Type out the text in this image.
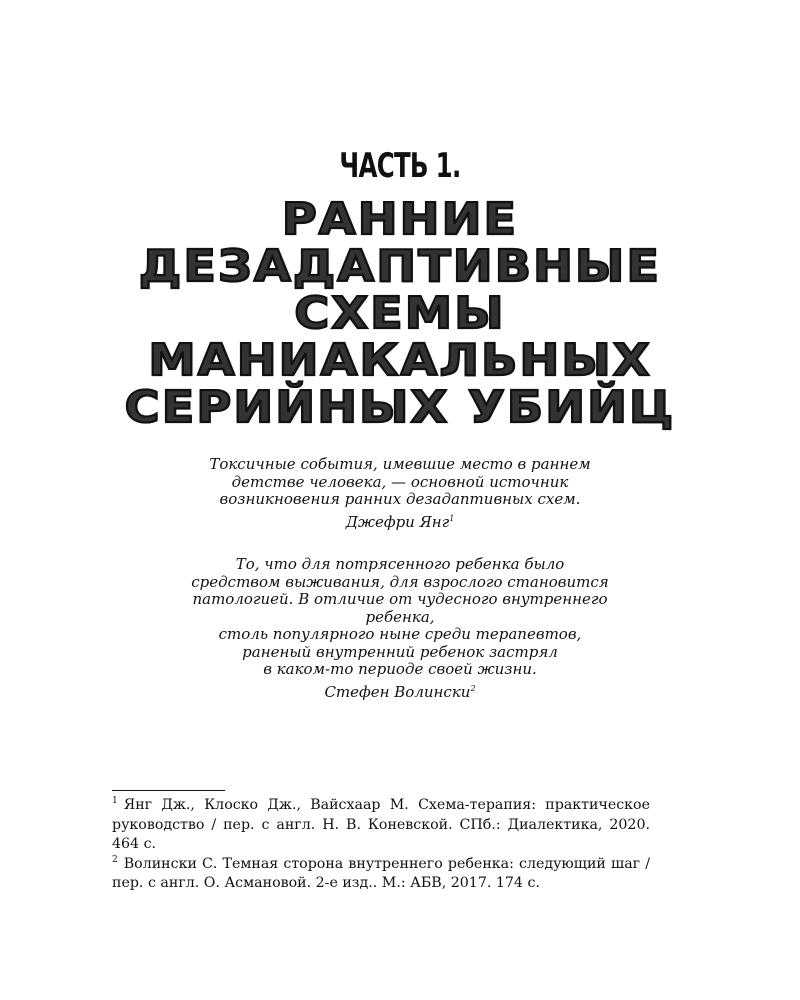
ЧАСТЬ 1.
РАННИЕ
ДЕЗАДАПТИВНЫЕ
СХЕМЫ
МАНИАКАЛЬНЫХ
СЕРИЙНЫХ УБИЙЦ
Токсичные события, имевшие место в раннем
детстве человека, — основной источник
возникновения ранних дезадаптивных схем.
Джефри Янг$^1$
То, что для потрясенного ребенка было
средством выживания, для взрослого становится
патологией. В отличие от чудесного внутреннего
ребенка,
столь популярного ныне среди терапевтов,
раненый внутренний ребенок застрял
в каком-то периоде своей жизни.
Стефен Волински$^2$
$^1$ Янг Дж., Клоско Дж., Вайсхаар М. Схема-терапия: практическое руководство / пер. с англ. Н. В. Коневской. СПб.: Диалектика, 2020. 464 с.
$^2$ Волински С. Темная сторона внутреннего ребенка: следующий шаг / пер. с англ. О. Асмановой. 2-е изд.. М.: АБВ, 2017. 174 с.
